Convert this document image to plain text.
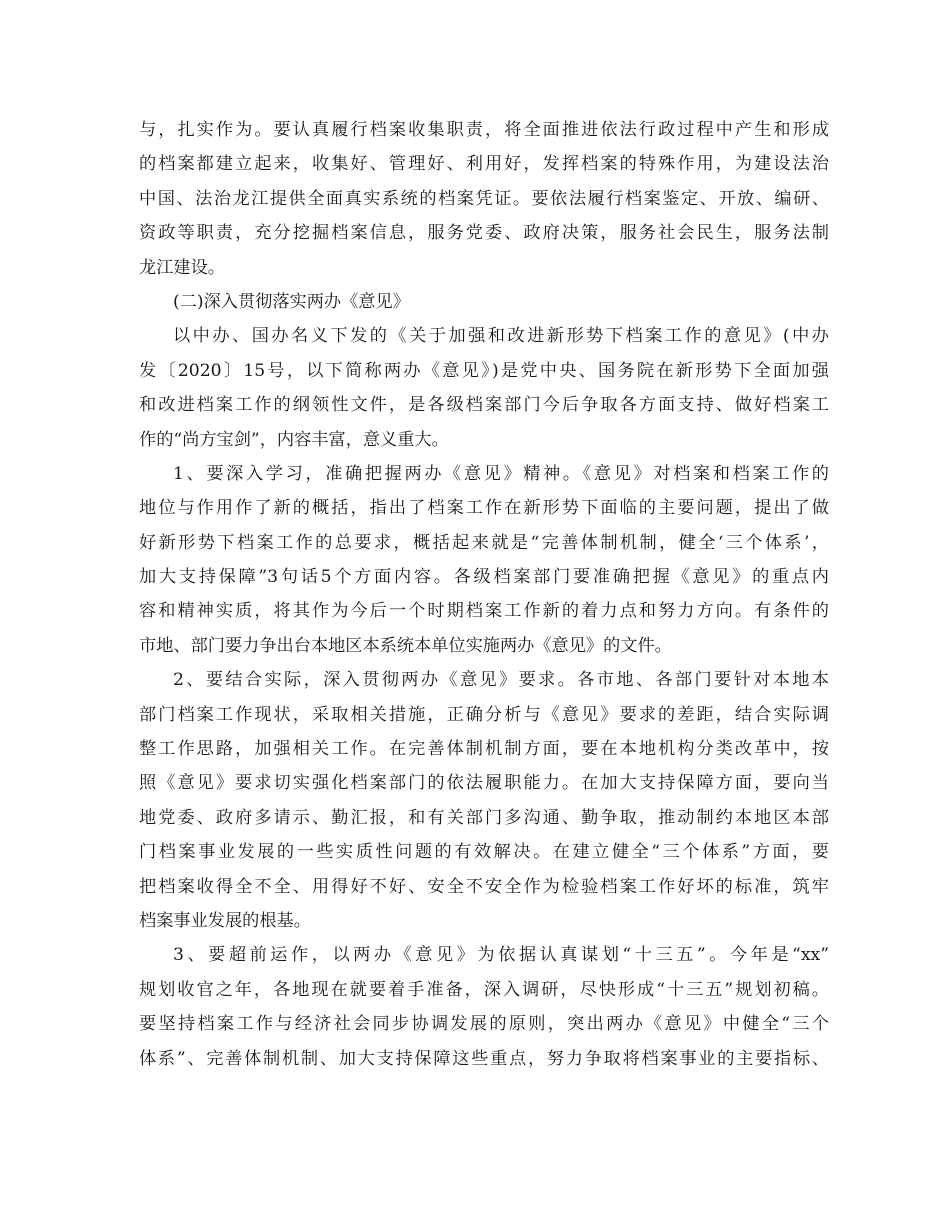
与，扎实作为。要认真履行档案收集职责，将全面推进依法行政过程中产生和形成
的档案都建立起来，收集好、管理好、利用好，发挥档案的特殊作用，为建设法治
中国、法治龙江提供全面真实系统的档案凭证。要依法履行档案鉴定、开放、编研、
资政等职责，充分挖掘档案信息，服务党委、政府决策，服务社会民生，服务法制
龙江建设。
(二)深入贯彻落实两办《意见》
以中办、国办名义下发的《关于加强和改进新形势下档案工作的意见》(中办
发〔2020〕15号，以下简称两办《意见》)是党中央、国务院在新形势下全面加强
和改进档案工作的纲领性文件，是各级档案部门今后争取各方面支持、做好档案工
作的“尚方宝剑”，内容丰富，意义重大。
1、要深入学习，准确把握两办《意见》精神。《意见》对档案和档案工作的
地位与作用作了新的概括，指出了档案工作在新形势下面临的主要问题，提出了做
好新形势下档案工作的总要求，概括起来就是“完善体制机制，健全‘三个体系’，
加大支持保障”3句话5个方面内容。各级档案部门要准确把握《意见》的重点内
容和精神实质，将其作为今后一个时期档案工作新的着力点和努力方向。有条件的
市地、部门要力争出台本地区本系统本单位实施两办《意见》的文件。
2、要结合实际，深入贯彻两办《意见》要求。各市地、各部门要针对本地本
部门档案工作现状，采取相关措施，正确分析与《意见》要求的差距，结合实际调
整工作思路，加强相关工作。在完善体制机制方面，要在本地机构分类改革中，按
照《意见》要求切实强化档案部门的依法履职能力。在加大支持保障方面，要向当
地党委、政府多请示、勤汇报，和有关部门多沟通、勤争取，推动制约本地区本部
门档案事业发展的一些实质性问题的有效解决。在建立健全“三个体系”方面，要
把档案收得全不全、用得好不好、安全不安全作为检验档案工作好坏的标准，筑牢
档案事业发展的根基。
3、要超前运作，以两办《意见》为依据认真谋划“十三五”。今年是“xx”
规划收官之年，各地现在就要着手准备，深入调研，尽快形成“十三五”规划初稿。
要坚持档案工作与经济社会同步协调发展的原则，突出两办《意见》中健全“三个
体系”、完善体制机制、加大支持保障这些重点，努力争取将档案事业的主要指标、
